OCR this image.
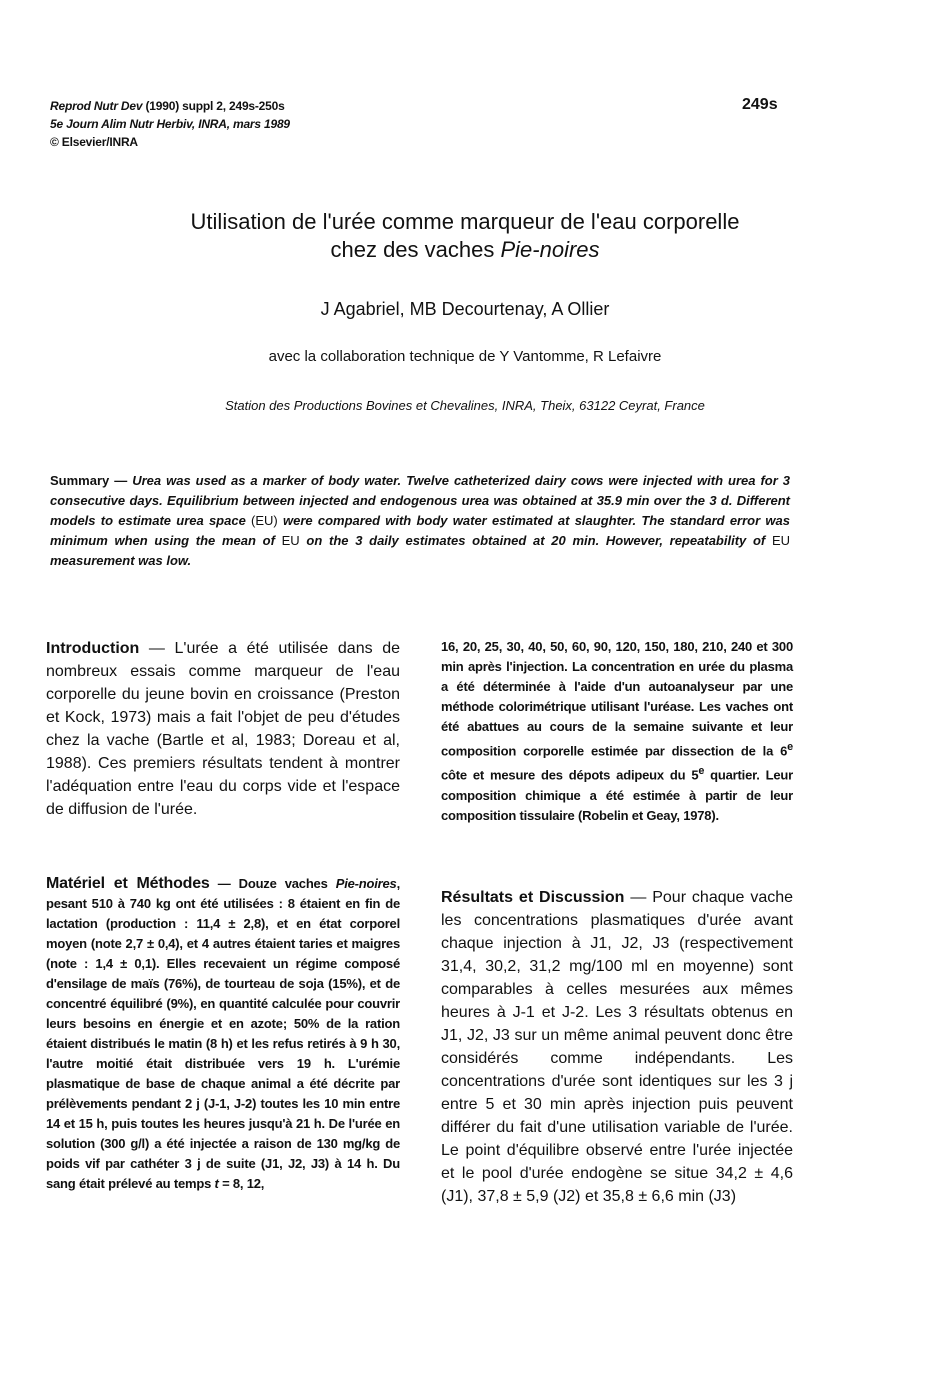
Reprod Nutr Dev (1990) suppl 2, 249s-250s
5e Journ Alim Nutr Herbiv, INRA, mars 1989
© Elsevier/INRA
249s
Utilisation de l'urée comme marqueur de l'eau corporelle
chez des vaches Pie-noires
J Agabriel, MB Decourtenay, A Ollier
avec la collaboration technique de Y Vantomme, R Lefaivre
Station des Productions Bovines et Chevalines, INRA, Theix, 63122 Ceyrat, France

Summary — Urea was used as a marker of body water. Twelve catheterized dairy cows were injected with urea for 3 consecutive days. Equilibrium between injected and endogenous urea was obtained at 35.9 min over the 3 d. Different models to estimate urea space (EU) were compared with body water estimated at slaughter. The standard error was minimum when using the mean of EU on the 3 daily estimates obtained at 20 min. However, repeatability of EU measurement was low.

Introduction — L'urée a été utilisée dans de nombreux essais comme marqueur de l'eau corporelle du jeune bovin en croissance (Preston et Kock, 1973) mais a fait l'objet de peu d'études chez la vache (Bartle et al, 1983; Doreau et al, 1988). Ces premiers résultats tendent à montrer l'adéquation entre l'eau du corps vide et l'espace de diffusion de l'urée.

Matériel et Méthodes — Douze vaches Pie-noires, pesant 510 à 740 kg ont été utilisées : 8 étaient en fin de lactation (production : 11,4 ± 2,8), et en état corporel moyen (note 2,7 ± 0,4), et 4 autres étaient taries et maigres (note : 1,4 ± 0,1). Elles recevaient un régime composé d'ensilage de maïs (76%), de tourteau de soja (15%), et de concentré équilibré (9%), en quantité calculée pour couvrir leurs besoins en énergie et en azote; 50% de la ration étaient distribués le matin (8 h) et les refus retirés à 9 h 30, l'autre moitié était distribuée vers 19 h. L'urémie plasmatique de base de chaque animal a été décrite par prélèvements pendant 2 j (J-1, J-2) toutes les 10 min entre 14 et 15 h, puis toutes les heures jusqu'à 21 h. De l'urée en solution (300 g/l) a été injectée a raison de 130 mg/kg de poids vif par cathéter 3 j de suite (J1, J2, J3) à 14 h. Du sang était prélevé au temps t = 8, 12,

16, 20, 25, 30, 40, 50, 60, 90, 120, 150, 180, 210, 240 et 300 min après l'injection. La concentration en urée du plasma a été déterminée à l'aide d'un autoanalyseur par une méthode colorimétrique utilisant l'uréase. Les vaches ont été abattues au cours de la semaine suivante et leur composition corporelle estimée par dissection de la 6e côte et mesure des dépots adipeux du 5e quartier. Leur composition chimique a été estimée à partir de leur composition tissulaire (Robelin et Geay, 1978).

Résultats et Discussion — Pour chaque vache les concentrations plasmatiques d'urée avant chaque injection à J1, J2, J3 (respectivement 31,4, 30,2, 31,2 mg/100 ml en moyenne) sont comparables à celles mesurées aux mêmes heures à J-1 et J-2. Les 3 résultats obtenus en J1, J2, J3 sur un même animal peuvent donc être considérés comme indépendants. Les concentrations d'urée sont identiques sur les 3 j entre 5 et 30 min après injection puis peuvent différer du fait d'une utilisation variable de l'urée. Le point d'équilibre observé entre l'urée injectée et le pool d'urée endogène se situe 34,2 ± 4,6 (J1), 37,8 ± 5,9 (J2) et 35,8 ± 6,6 min (J3)
